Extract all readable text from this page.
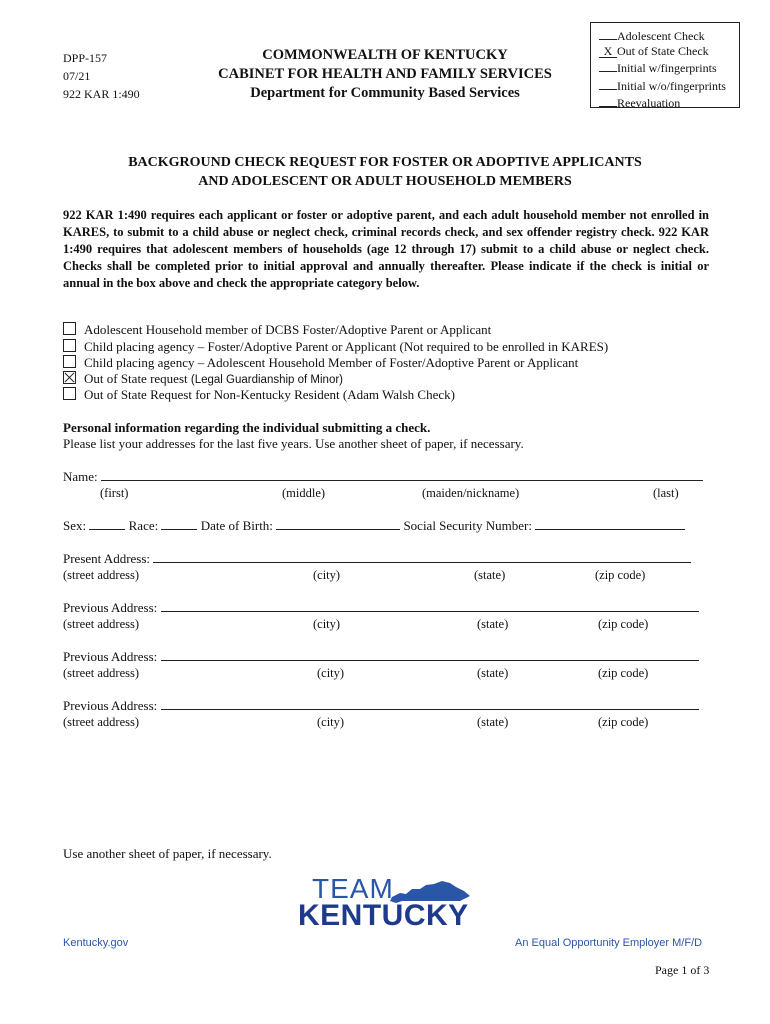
DPP-157
07/21
922 KAR 1:490
COMMONWEALTH OF KENTUCKY
CABINET FOR HEALTH AND FAMILY SERVICES
Department for Community Based Services
Adolescent Check
X Out of State Check
Initial w/fingerprints
Initial w/o/fingerprints
Reevaluation
BACKGROUND CHECK REQUEST FOR FOSTER OR ADOPTIVE APPLICANTS
AND ADOLESCENT OR ADULT HOUSEHOLD MEMBERS
922 KAR 1:490 requires each applicant or foster or adoptive parent, and each adult household member not enrolled in KARES, to submit to a child abuse or neglect check, criminal records check, and sex offender registry check. 922 KAR 1:490 requires that adolescent members of households (age 12 through 17) submit to a child abuse or neglect check. Checks shall be completed prior to initial approval and annually thereafter. Please indicate if the check is initial or annual in the box above and check the appropriate category below.
Adolescent Household member of DCBS Foster/Adoptive Parent or Applicant
Child placing agency – Foster/Adoptive Parent or Applicant (Not required to be enrolled in KARES)
Child placing agency – Adolescent Household Member of Foster/Adoptive Parent or Applicant
Out of State request (Legal Guardianship of Minor)
Out of State Request for Non-Kentucky Resident (Adam Walsh Check)
Personal information regarding the individual submitting a check.
Please list your addresses for the last five years. Use another sheet of paper, if necessary.
Name:
(first)	(middle)	(maiden/nickname)	(last)
Sex:	Race:	Date of Birth:	Social Security Number:
Present Address:
(street address)	(city)	(state)	(zip code)
Previous Address:
(street address)	(city)	(state)	(zip code)
Previous Address:
(street address)	(city)	(state)	(zip code)
Previous Address:
(street address)	(city)	(state)	(zip code)
Use another sheet of paper, if necessary.
TEAM
KENTUCKY
Kentucky.gov	An Equal Opportunity Employer M/F/D
Page 1 of 3
